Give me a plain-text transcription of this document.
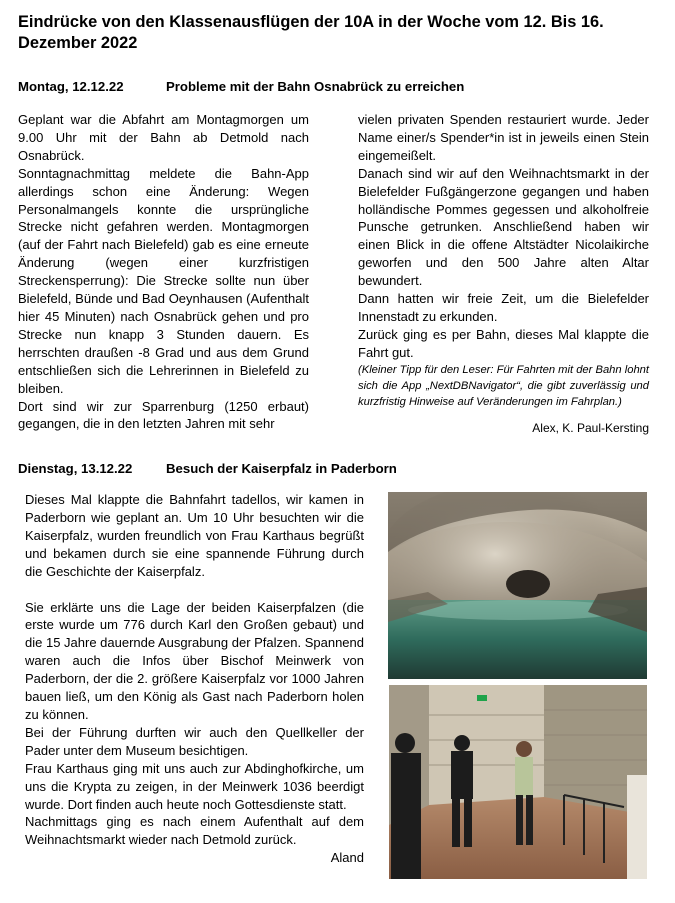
Eindrücke von den Klassenausflügen der 10A in der Woche vom 12. Bis 16. Dezember 2022
Montag, 12.12.22	Probleme mit der Bahn Osnabrück zu erreichen

Geplant war die Abfahrt am Montagmorgen um 9.00 Uhr mit der Bahn ab Detmold nach Osnabrück.

Sonntagnachmittag meldete die Bahn-App allerdings schon eine Änderung: Wegen Personalmangels konnte die ursprüngliche Strecke nicht gefahren werden. Montagmorgen (auf der Fahrt nach Bielefeld) gab es eine erneute Änderung (wegen einer kurzfristigen Streckensperrung): Die Strecke sollte nun über Bielefeld, Bünde und Bad Oeynhausen (Aufenthalt hier 45 Minuten) nach Osnabrück gehen und pro Strecke nun knapp 3 Stunden dauern. Es herrschten draußen -8 Grad und aus dem Grund entschließen sich die Lehrerinnen in Bielefeld zu bleiben.

Dort sind wir zur Sparrenburg (1250 erbaut) gegangen, die in den letzten Jahren mit sehr

vielen privaten Spenden restauriert wurde. Jeder Name einer/s Spender*in ist in jeweils einen Stein eingemeißelt.

Danach sind wir auf den Weihnachtsmarkt in der Bielefelder Fußgängerzone gegangen und haben holländische Pommes gegessen und alkoholfreie Punsche getrunken. Anschließend haben wir einen Blick in die offene Altstädter Nicolaikirche geworfen und den 500 Jahre alten Altar bewundert.

Dann hatten wir freie Zeit, um die Bielefelder Innenstadt zu erkunden.

Zurück ging es per Bahn, dieses Mal klappte die Fahrt gut.

(Kleiner Tipp für den Leser: Für Fahrten mit der Bahn lohnt sich die App „NextDBNavigator“, die gibt zuverlässig und kurzfristig Hinweise auf Veränderungen im Fahrplan.)

Alex, K. Paul-Kersting

Dienstag, 13.12.22	Besuch der Kaiserpfalz in Paderborn

Dieses Mal klappte die Bahnfahrt tadellos, wir kamen in Paderborn wie geplant an. Um 10 Uhr besuchten wir die Kaiserpfalz, wurden freundlich von Frau Karthaus begrüßt und bekamen durch sie eine spannende Führung durch die Geschichte der Kaiserpfalz.

Sie erklärte uns die Lage der beiden Kaiserpfalzen (die erste wurde um 776 durch Karl den Großen gebaut) und die 15 Jahre dauernde Ausgrabung der Pfalzen. Spannend waren auch die Infos über Bischof Meinwerk von Paderborn, der die 2. größere Kaiserpfalz vor 1000 Jahren bauen ließ, um den König als Gast nach Paderborn holen zu können.

Bei der Führung durften wir auch den Quellkeller der Pader unter dem Museum besichtigen.

Frau Karthaus ging mit uns auch zur Abdinghofkirche, um uns die Krypta zu zeigen, in der Meinwerk 1036 beerdigt wurde. Dort finden auch heute noch Gottesdienste statt.

Nachmittags ging es nach einem Aufenthalt auf dem Weihnachtsmarkt wieder nach Detmold zurück.

Aland
